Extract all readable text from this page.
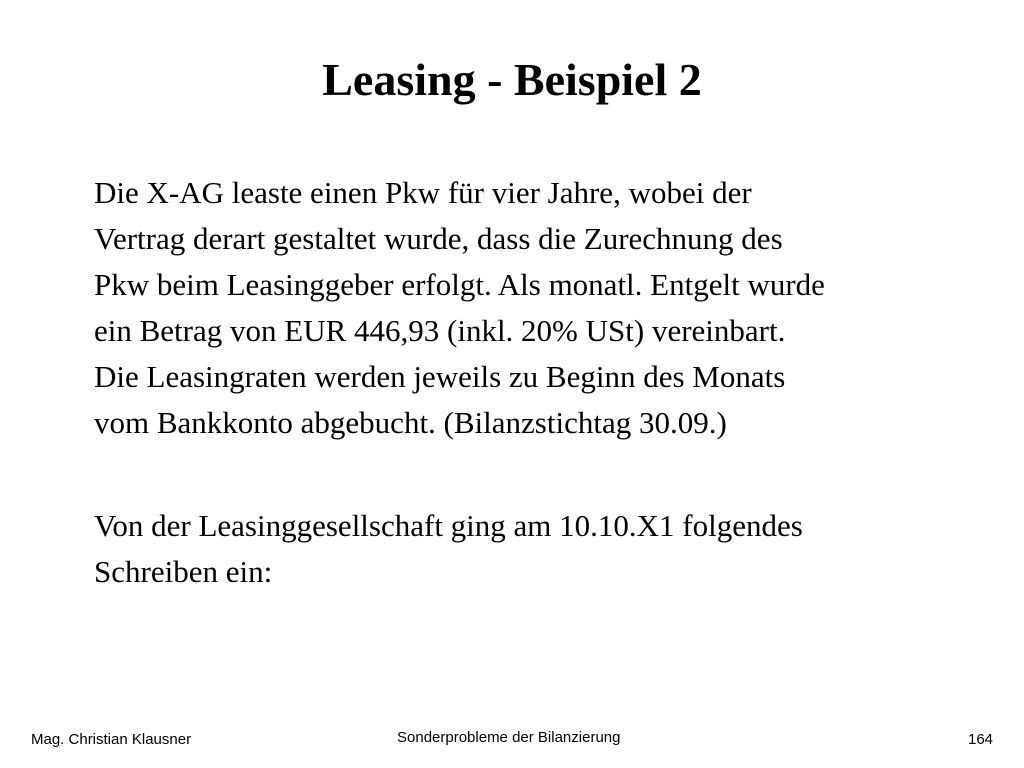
Leasing - Beispiel 2

Die X-AG leaste einen Pkw für vier Jahre, wobei der
Vertrag derart gestaltet wurde, dass die Zurechnung des
Pkw beim Leasinggeber erfolgt. Als monatl. Entgelt wurde
ein Betrag von EUR 446,93 (inkl. 20% USt) vereinbart.
Die Leasingraten werden jeweils zu Beginn des Monats
vom Bankkonto abgebucht. (Bilanzstichtag 30.09.)

Von der Leasinggesellschaft ging am 10.10.X1 folgendes
Schreiben ein:

Mag. Christian Klausner	Sonderprobleme der Bilanzierung	164
